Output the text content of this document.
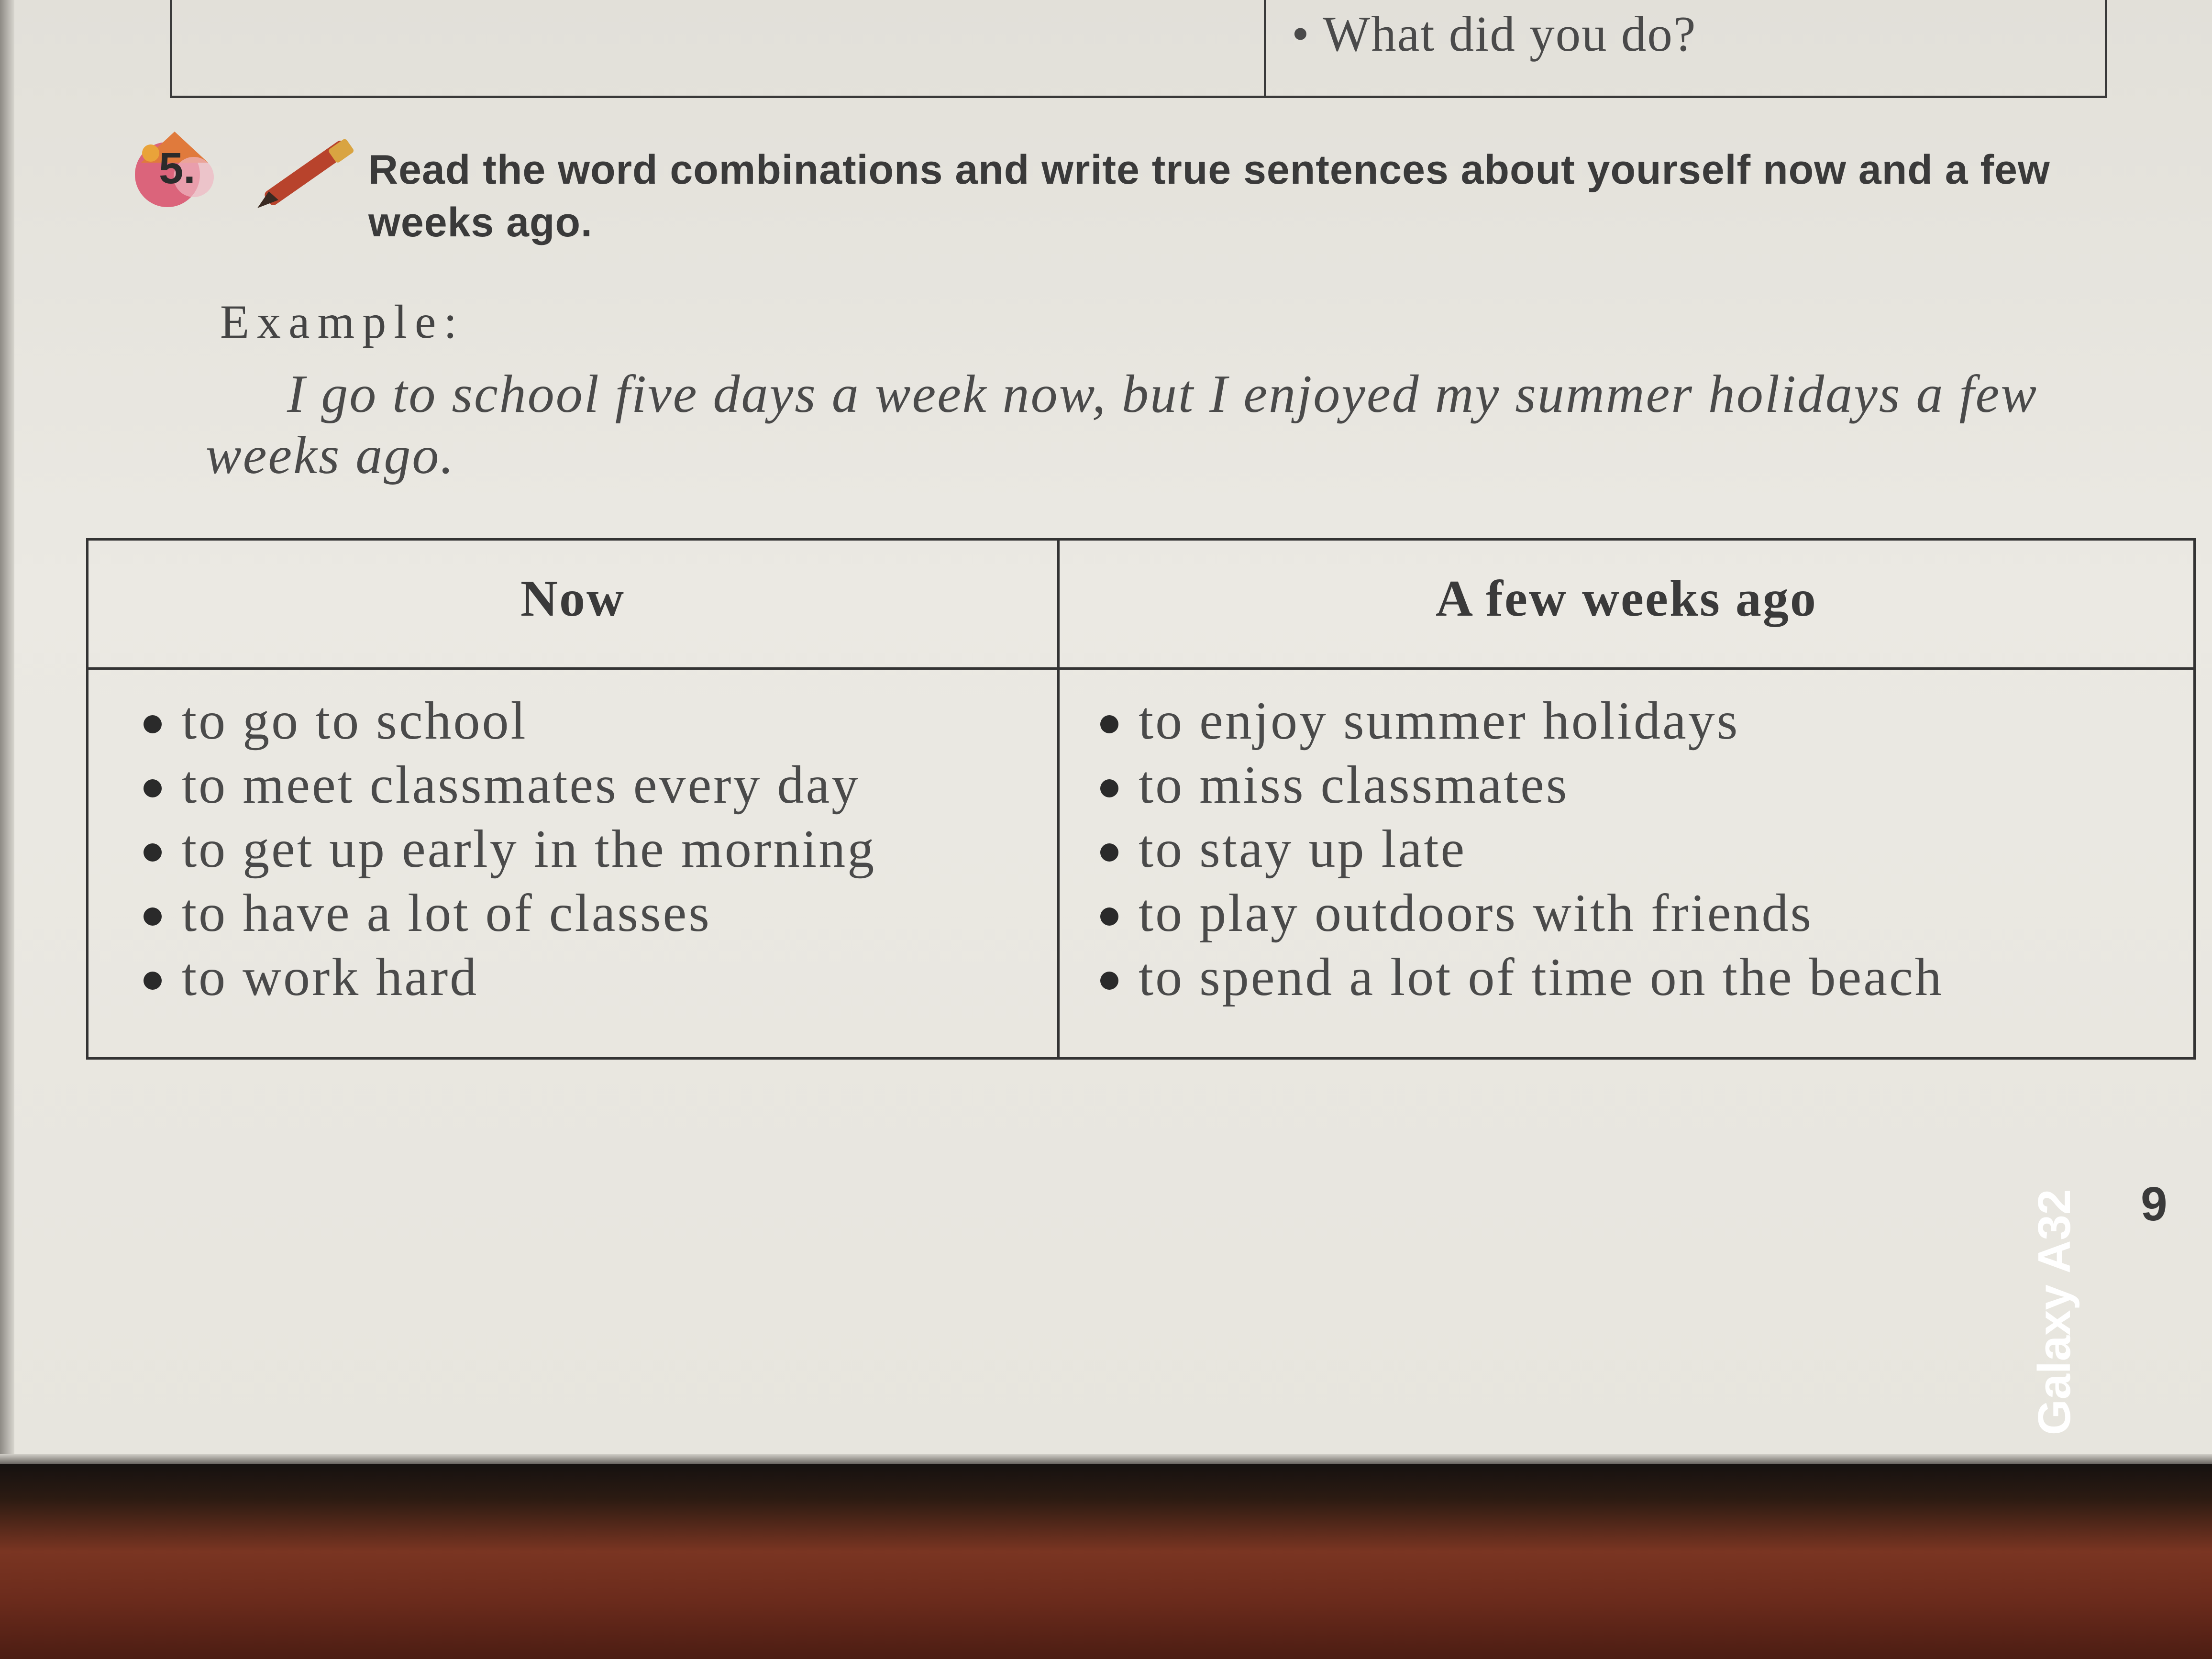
• What did you do?
5.	Read the word combinations and write true sentences about yourself now and a few weeks ago.
Example:
I go to school five days a week now, but I enjoyed my summer holidays a few weeks ago.
Now	A few weeks ago
to go to school
to meet classmates every day
to get up early in the morning
to have a lot of classes
to work hard
to enjoy summer holidays
to miss classmates
to stay up late
to play outdoors with friends
to spend a lot of time on the beach
9
Galaxy A32
